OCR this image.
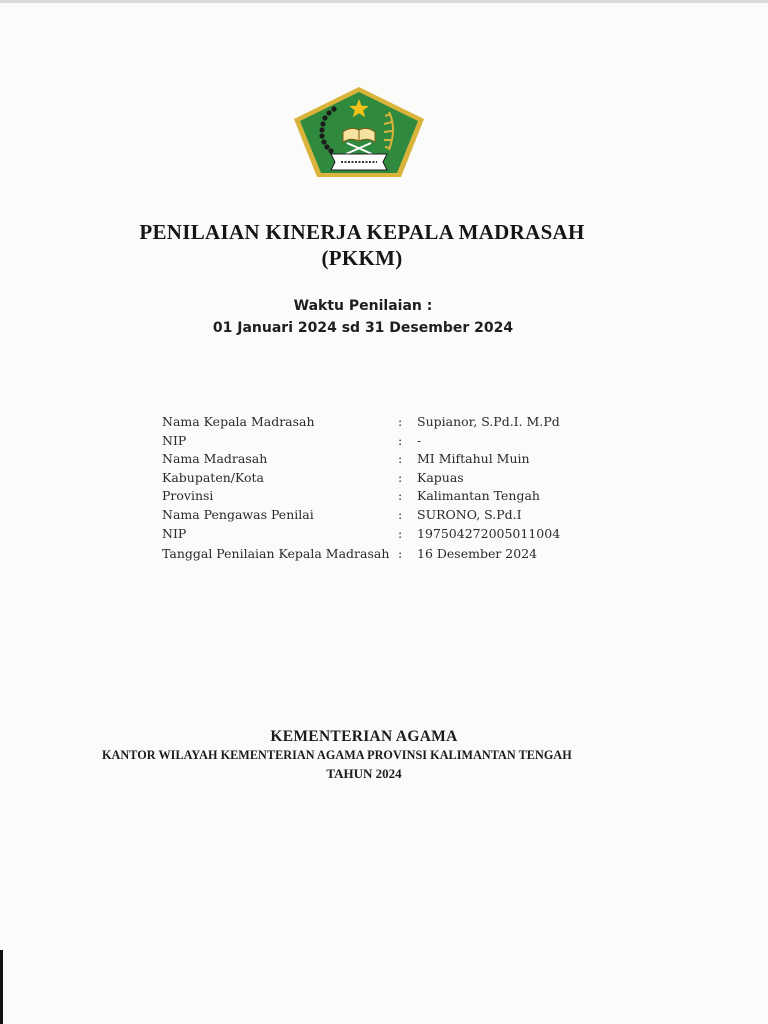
PENILAIAN KINERJA KEPALA MADRASAH
(PKKM)
Waktu Penilaian :
01 Januari 2024 sd 31 Desember 2024
Nama Kepala Madrasah	: Supianor, S.Pd.I. M.Pd
NIP	: -
Nama Madrasah	: MI Miftahul Muin
Kabupaten/Kota	: Kapuas
Provinsi	: Kalimantan Tengah
Nama Pengawas Penilai	: SURONO, S.Pd.I
NIP	: 197504272005011004
Tanggal Penilaian Kepala Madrasah : 16 Desember 2024
KEMENTERIAN AGAMA
KANTOR WILAYAH KEMENTERIAN AGAMA PROVINSI KALIMANTAN TENGAH
TAHUN 2024
